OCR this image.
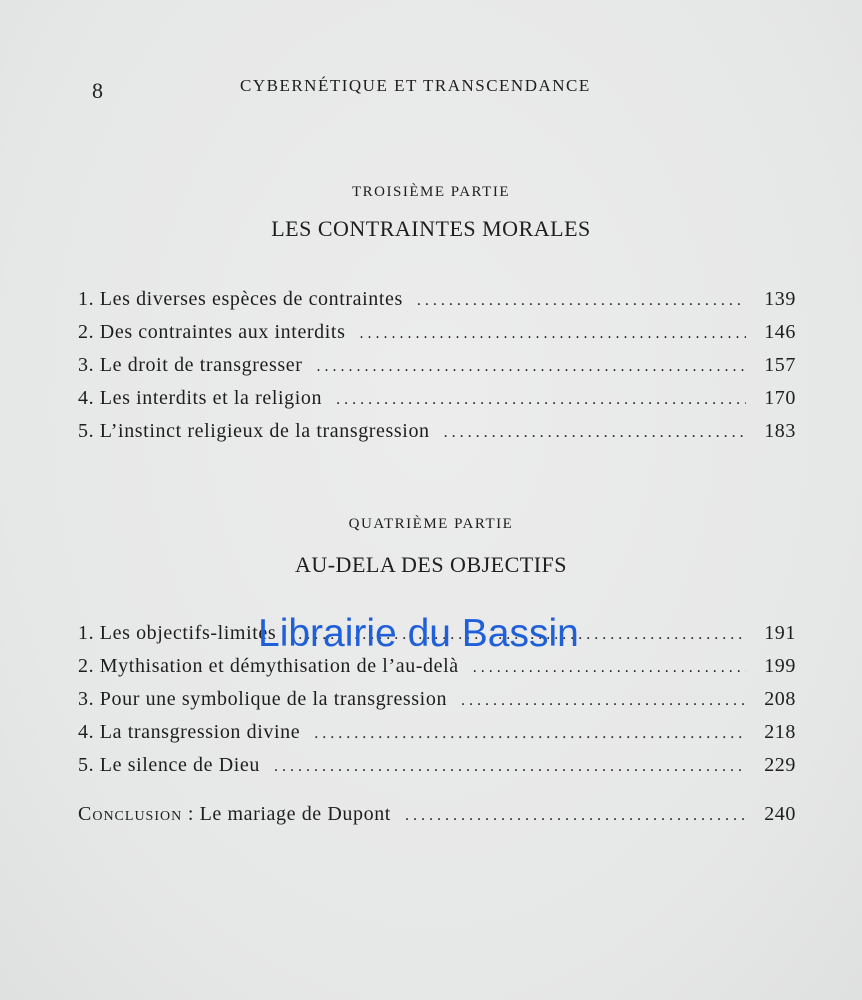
8	CYBERNÉTIQUE ET TRANSCENDANCE
TROISIÈME PARTIE
LES CONTRAINTES MORALES
1. Les diverses espèces de contraintes .....	139
2. Des contraintes aux interdits .....	146
3. Le droit de transgresser .....	157
4. Les interdits et la religion .....	170
5. L’instinct religieux de la transgression .....	183
QUATRIÈME PARTIE
AU-DELA DES OBJECTIFS
1. Les objectifs-limites .....	191
2. Mythisation et démythisation de l’au-delà .....	199
3. Pour une symbolique de la transgression .....	208
4. La transgression divine .....	218
5. Le silence de Dieu .....	229
Conclusion : Le mariage de Dupont .....	240
Librairie du Bassin
